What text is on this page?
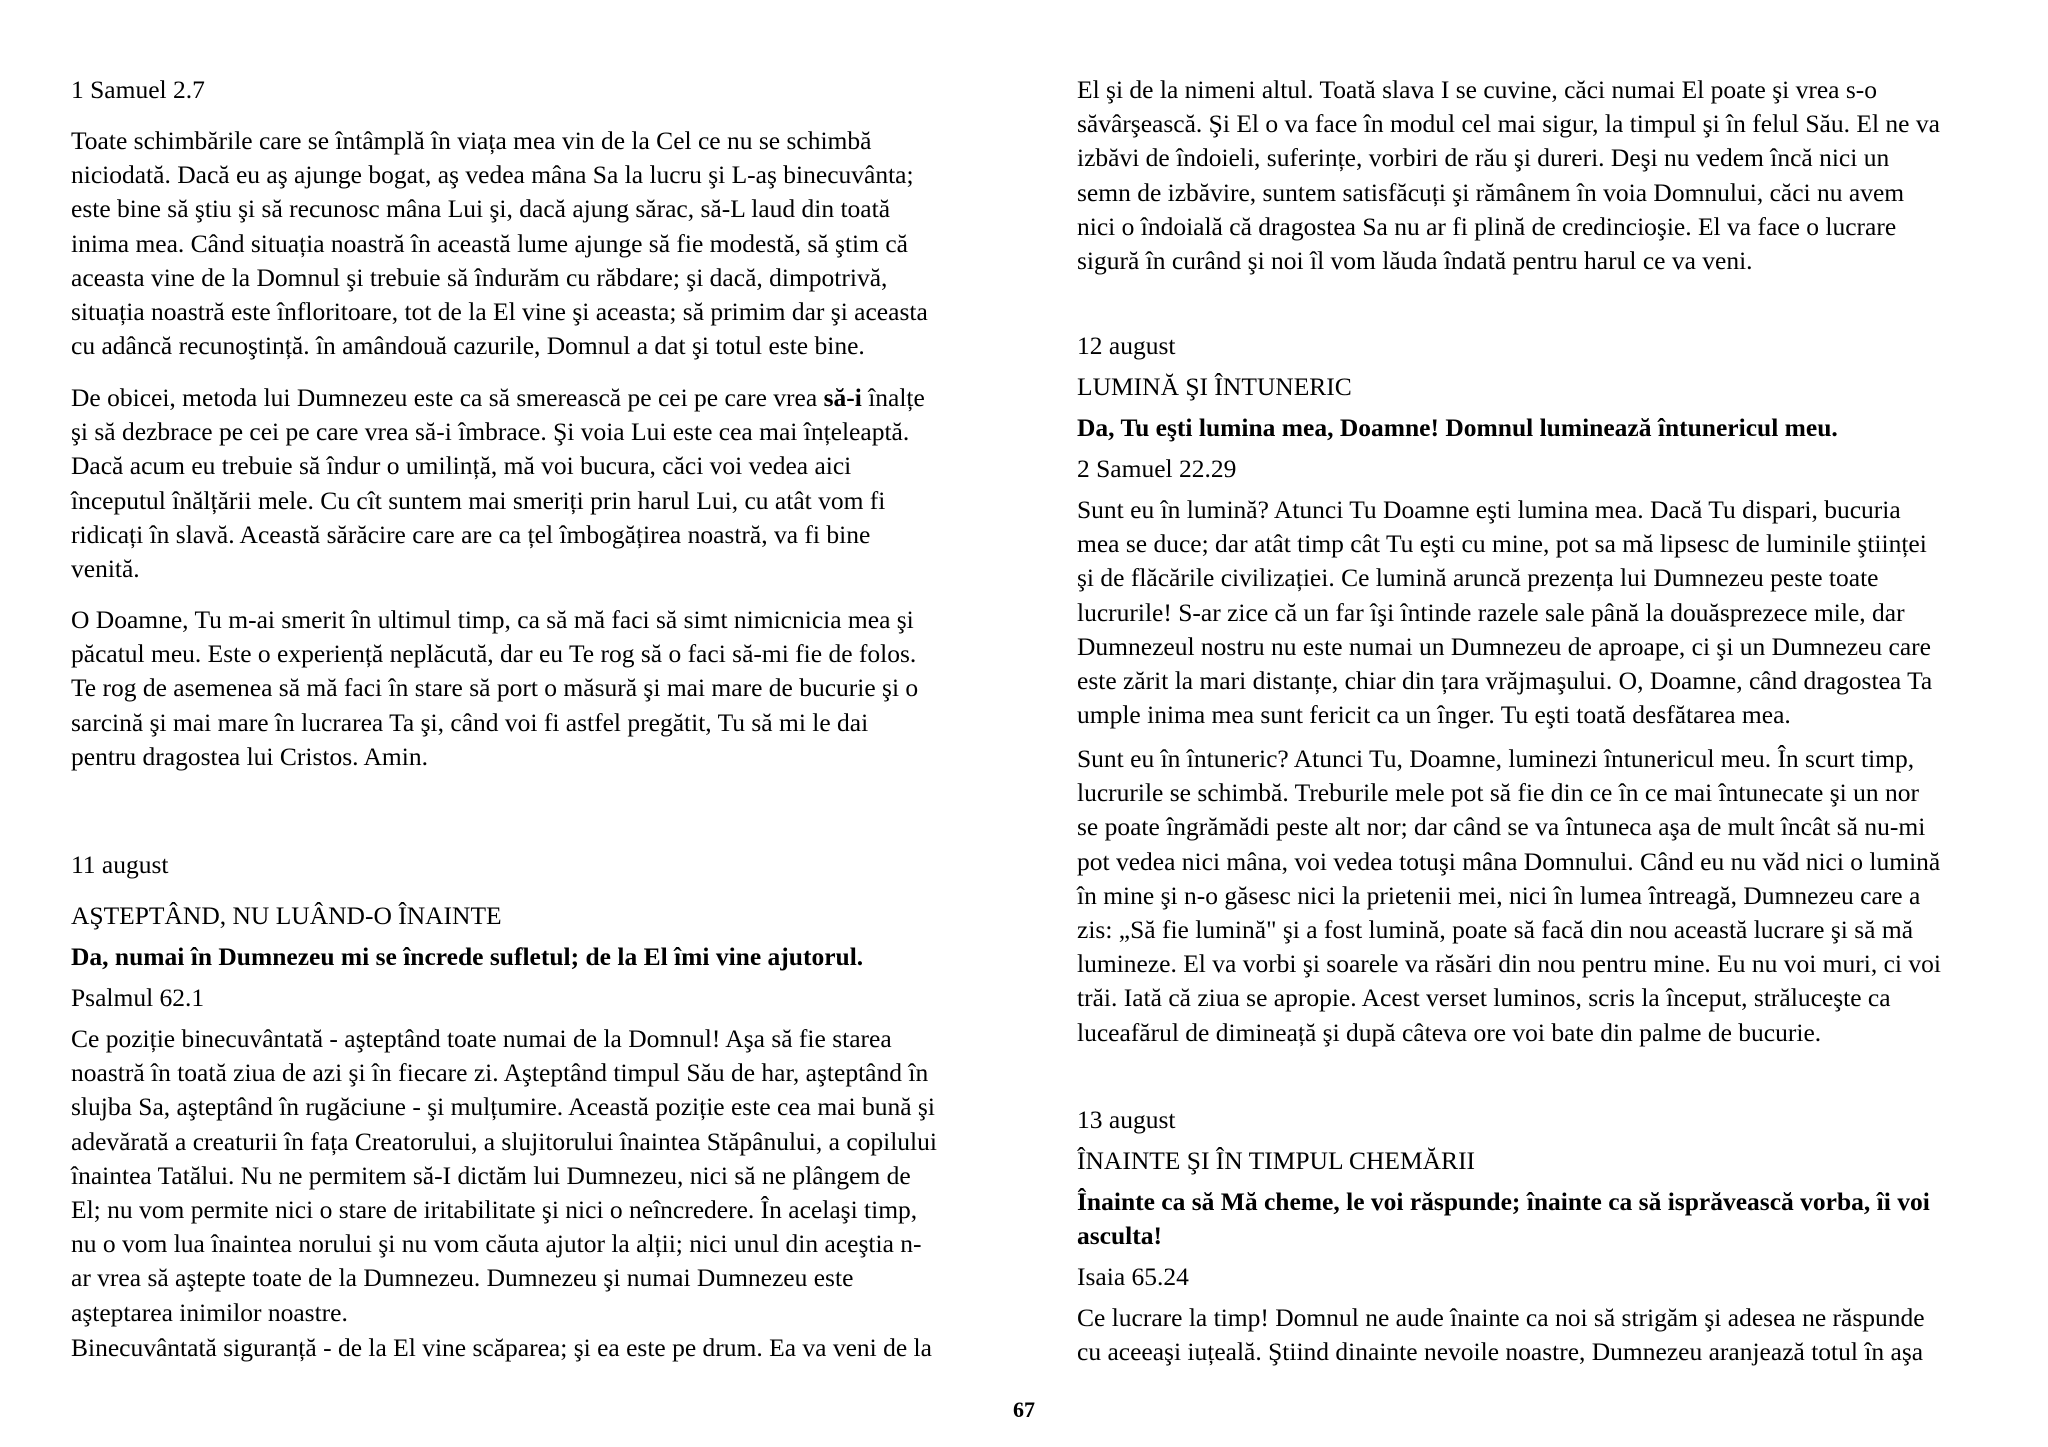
1 Samuel 2.7

Toate schimbările care se întâmplă în viața mea vin de la Cel ce nu se schimbă
niciodată. Dacă eu aş ajunge bogat, aş vedea mâna Sa la lucru şi L-aş binecuvânta;
este bine să ştiu şi să recunosc mâna Lui şi, dacă ajung sărac, să-L laud din toată
inima mea. Când situația noastră în această lume ajunge să fie modestă, să ştim că
aceasta vine de la Domnul şi trebuie să îndurăm cu răbdare; şi dacă, dimpotrivă,
situația noastră este înfloritoare, tot de la El vine şi aceasta; să primim dar şi aceasta
cu adâncă recunoştință. în amândouă cazurile, Domnul a dat şi totul este bine.

De obicei, metoda lui Dumnezeu este ca să smerească pe cei pe care vrea să-i înalțe
şi să dezbrace pe cei pe care vrea să-i îmbrace. Şi voia Lui este cea mai înțeleaptă.
Dacă acum eu trebuie să îndur o umilință, mă voi bucura, căci voi vedea aici
începutul înălțării mele. Cu cît suntem mai smeriți prin harul Lui, cu atât vom fi
ridicați în slavă. Această sărăcire care are ca țel îmbogățirea noastră, va fi bine
venită.

O Doamne, Tu m-ai smerit în ultimul timp, ca să mă faci să simt nimicnicia mea şi
păcatul meu. Este o experiență neplăcută, dar eu Te rog să o faci să-mi fie de folos.
Te rog de asemenea să mă faci în stare să port o măsură şi mai mare de bucurie şi o
sarcină şi mai mare în lucrarea Ta şi, când voi fi astfel pregătit, Tu să mi le dai
pentru dragostea lui Cristos. Amin.

11 august

AŞTEPTÂND, NU LUÂND-O ÎNAINTE

Da, numai în Dumnezeu mi se încrede sufletul; de la El îmi vine ajutorul.

Psalmul 62.1

Ce poziție binecuvântată - aşteptând toate numai de la Domnul! Aşa să fie starea
noastră în toată ziua de azi şi în fiecare zi. Aşteptând timpul Său de har, aşteptând în
slujba Sa, aşteptând în rugăciune - şi mulțumire. Această poziție este cea mai bună şi
adevărată a creaturii în fața Creatorului, a slujitorului înaintea Stăpânului, a copilului
înaintea Tatălui. Nu ne permitem să-I dictăm lui Dumnezeu, nici să ne plângem de
El; nu vom permite nici o stare de iritabilitate şi nici o neîncredere. În acelaşi timp,
nu o vom lua înaintea norului şi nu vom căuta ajutor la alții; nici unul din aceştia n-
ar vrea să aştepte toate de la Dumnezeu. Dumnezeu şi numai Dumnezeu este
aşteptarea inimilor noastre.

Binecuvântată siguranță - de la El vine scăparea; şi ea este pe drum. Ea va veni de la

El şi de la nimeni altul. Toată slava I se cuvine, căci numai El poate şi vrea s-o
săvârşească. Şi El o va face în modul cel mai sigur, la timpul şi în felul Său. El ne va
izbăvi de îndoieli, suferințe, vorbiri de rău şi dureri. Deşi nu vedem încă nici un
semn de izbăvire, suntem satisfăcuți şi rămânem în voia Domnului, căci nu avem
nici o îndoială că dragostea Sa nu ar fi plină de credincioşie. El va face o lucrare
sigură în curând şi noi îl vom lăuda îndată pentru harul ce va veni.

12 august

LUMINĂ ŞI ÎNTUNERIC

Da, Tu eşti lumina mea, Doamne! Domnul luminează întunericul meu.

2 Samuel 22.29

Sunt eu în lumină? Atunci Tu Doamne eşti lumina mea. Dacă Tu dispari, bucuria
mea se duce; dar atât timp cât Tu eşti cu mine, pot sa mă lipsesc de luminile ştiinței
şi de flăcările civilizației. Ce lumină aruncă prezența lui Dumnezeu peste toate
lucrurile! S-ar zice că un far îşi întinde razele sale până la douăsprezece mile, dar
Dumnezeul nostru nu este numai un Dumnezeu de aproape, ci şi un Dumnezeu care
este zărit la mari distanțe, chiar din țara vrăjmaşului. O, Doamne, când dragostea Ta
umple inima mea sunt fericit ca un înger. Tu eşti toată desfătarea mea.

Sunt eu în întuneric? Atunci Tu, Doamne, luminezi întunericul meu. În scurt timp,
lucrurile se schimbă. Treburile mele pot să fie din ce în ce mai întunecate şi un nor
se poate îngrămădi peste alt nor; dar când se va întuneca aşa de mult încât să nu-mi
pot vedea nici mâna, voi vedea totuşi mâna Domnului. Când eu nu văd nici o lumină
în mine şi n-o găsesc nici la prietenii mei, nici în lumea întreagă, Dumnezeu care a
zis: „Să fie lumină" şi a fost lumină, poate să facă din nou această lucrare şi să mă
lumineze. El va vorbi şi soarele va răsări din nou pentru mine. Eu nu voi muri, ci voi
trăi. Iată că ziua se apropie. Acest verset luminos, scris la început, străluceşte ca
luceafărul de dimineață şi după câteva ore voi bate din palme de bucurie.

13 august

ÎNAINTE ŞI ÎN TIMPUL CHEMĂRII

Înainte ca să Mă cheme, le voi răspunde; înainte ca să isprăvească vorba, îi voi
asculta!

Isaia 65.24

Ce lucrare la timp! Domnul ne aude înainte ca noi să strigăm şi adesea ne răspunde
cu aceeaşi iuțeală. Ştiind dinainte nevoile noastre, Dumnezeu aranjează totul în aşa

67
